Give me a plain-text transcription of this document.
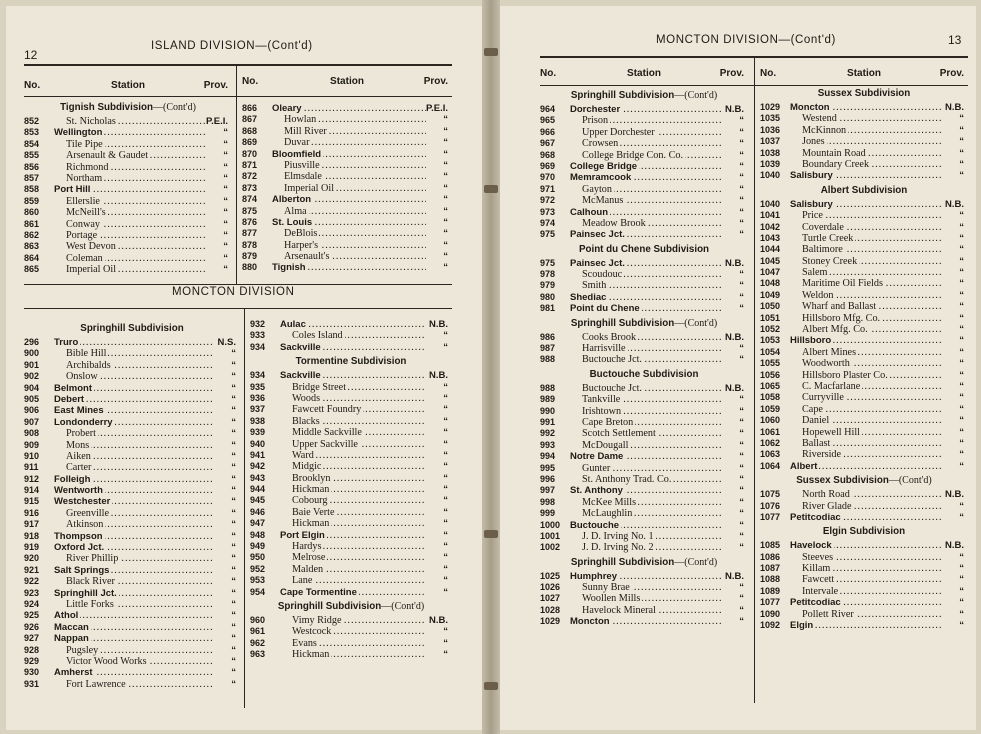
12
ISLAND DIVISION—(Cont'd)
No.	Station	Prov.
Tignish Subdivision—(Cont'd)
852	..... St. Nicholas	P.E.I.
853	..... Wellington	“
854	..... Tile Pipe	“
855	..... Arsenault & Gaudet	“
856	..... Richmond	“
857	..... Northam	“
858	..... Port Hill	“
859	..... Ellerslie	“
860	..... McNeill's	“
861	..... Conway	“
862	..... Portage	“
863	..... West Devon	“
864	..... Coleman	“
865	..... Imperial Oil	“
No.	Station	Prov.
866	..... Oleary	P.E.I.
867	..... Howlan	“
868	..... Mill River	“
869	..... Duvar	“
870	..... Bloomfield	“
871	..... Piusville	“
872	..... Elmsdale	“
873	..... Imperial Oil	“
874	..... Alberton	“
875	..... Alma	“
876	..... St. Louis	“
877	..... DeBlois	“
878	..... Harper's	“
879	..... Arsenault's	“
880	..... Tignish	“
MONCTON DIVISION
Springhill Subdivision
296	..... Truro	N.S.
900	..... Bible Hill	“
901	..... Archibalds	“
902	..... Onslow	“
904	..... Belmont	“
905	..... Debert	“
906	..... East Mines	“
907	..... Londonderry	“
908	..... Probert	“
909	..... Mons	“
910	..... Aiken	“
911	..... Carter	“
912	..... Folleigh	“
914	..... Wentworth	“
915	..... Westchester	“
916	..... Greenville	“
917	..... Atkinson	“
918	..... Thompson	“
919	..... Oxford Jct.	“
920	..... River Phillip	“
921	..... Salt Springs	“
922	..... Black River	“
923	..... Springhill Jct.	“
924	..... Little Forks	“
925	..... Athol	“
926	..... Maccan	“
927	..... Nappan	“
928	..... Pugsley	“
929	..... Victor Wood Works	“
930	..... Amherst	“
931	..... Fort Lawrence	“
932	..... Aulac	N.B.
933	..... Coles Island	“
934	..... Sackville	“
Tormentine Subdivision
934	..... Sackville	N.B.
935	..... Bridge Street	“
936	..... Woods	“
937	..... Fawcett Foundry	“
938	..... Blacks	“
939	..... Middle Sackville	“
940	..... Upper Sackville	“
941	..... Ward	“
942	..... Midgic	“
943	..... Brooklyn	“
944	..... Hickman	“
945	..... Cobourg	“
946	..... Baie Verte	“
947	..... Hickman	“
948	..... Port Elgin	“
949	..... Hardys	“
950	..... Melrose	“
952	..... Malden	“
953	..... Lane	“
954	..... Cape Tormentine	“
Springhill Subdivision—(Cont'd)
960	..... Vimy Ridge	N.B.
961	..... Westcock	“
962	..... Evans	“
963	..... Hickman	“
MONCTON DIVISION—(Cont'd)	13
No.	Station	Prov.
Springhill Subdivision—(Cont'd)
964	..... Dorchester	N.B.
965	..... Prison	“
966	..... Upper Dorchester	“
967	..... Crowsen	“
968	..... College Bridge Con. Co.	“
969	..... College Bridge	“
970	..... Memramcook	“
971	..... Gayton	“
972	..... McManus	“
973	..... Calhoun	“
974	..... Meadow Brook	“
975	..... Painsec Jct.	“
Point du Chene Subdivision
975	..... Painsec Jct.	N.B.
978	..... Scoudouc	“
979	..... Smith	“
980	..... Shediac	“
981	..... Point du Chene	“
Springhill Subdivision—(Cont'd)
986	..... Cooks Brook	N.B.
987	..... Harrisville	“
988	..... Buctouche Jct.	“
Buctouche Subdivision
988	..... Buctouche Jct.	N.B.
989	..... Tankville	“
990	..... Irishtown	“
991	..... Cape Breton	“
992	..... Scotch Settlement	“
993	..... McDougall	“
994	..... Notre Dame	“
995	..... Gunter	“
996	..... St. Anthony Trad. Co.	“
997	..... St. Anthony	“
998	..... McKee Mills	“
999	..... McLaughlin	“
1000	..... Buctouche	“
1001	..... J. D. Irving No. 1	“
1002	..... J. D. Irving No. 2	“
Springhill Subdivision—(Cont'd)
1025	..... Humphrey	N.B.
1026	..... Sunny Brae	“
1027	..... Woollen Mills	“
1028	..... Havelock Mineral	“
1029	..... Moncton	“
No.	Station	Prov.
Sussex Subdivision
1029	..... Moncton	N.B.
1035	..... Westend	“
1036	..... McKinnon	“
1037	..... Jones	“
1038	..... Mountain Road	“
1039	..... Boundary Creek	“
1040	..... Salisbury	“
Albert Subdivision
1040	..... Salisbury	N.B.
1041	..... Price	“
1042	..... Coverdale	“
1043	..... Turtle Creek	“
1044	..... Baltimore	“
1045	..... Stoney Creek	“
1047	..... Salem	“
1048	..... Maritime Oil Fields	“
1049	..... Weldon	“
1050	..... Wharf and Ballast	“
1051	..... Hillsboro Mfg. Co.	“
1052	..... Albert Mfg. Co.	“
1053	..... Hillsboro	“
1054	..... Albert Mines	“
1055	..... Woodworth	“
1056	..... Hillsboro Plaster Co.	“
1065	..... C. Macfarlane	“
1058	..... Curryville	“
1059	..... Cape	“
1060	..... Daniel	“
1061	..... Hopewell Hill	“
1062	..... Ballast	“
1063	..... Riverside	“
1064	..... Albert	“
Sussex Subdivision—(Cont'd)
1075	..... North Road	N.B.
1076	..... River Glade	“
1077	..... Petitcodiac	“
Elgin Subdivision
1085	..... Havelock	N.B.
1086	..... Steeves	“
1087	..... Killam	“
1088	..... Fawcett	“
1089	..... Intervale	“
1077	..... Petitcodiac	“
1090	..... Pollett River	“
1092	..... Elgin	“
